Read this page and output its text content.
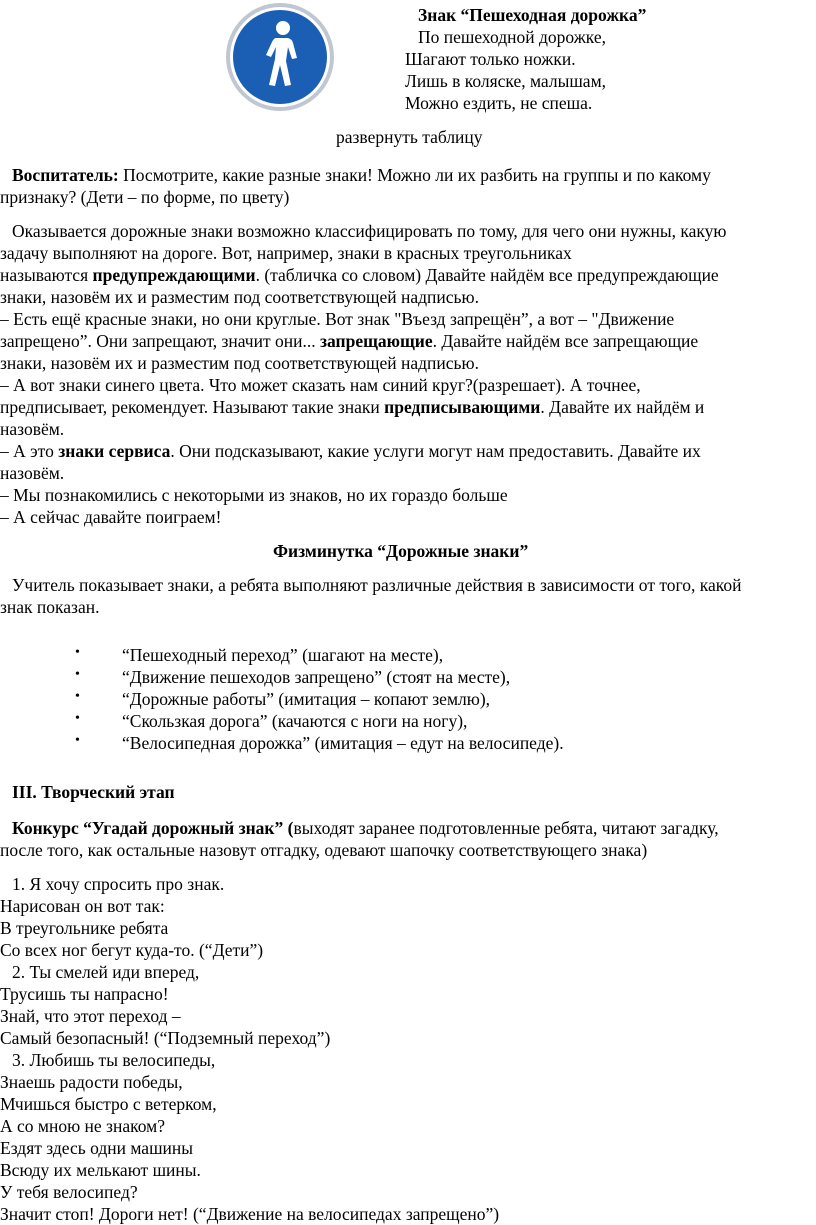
Знак “Пешеходная дорожка”
По пешеходной дорожке,
Шагают только ножки.
Лишь в коляске, малышам,
Можно ездить, не спеша.
развернуть таблицу
Воспитатель: Посмотрите, какие разные знаки! Можно ли их разбить на группы и по какому
признаку? (Дети – по форме, по цвету)
Оказывается дорожные знаки возможно классифицировать по тому, для чего они нужны, какую
задачу выполняют на дороге. Вот, например, знаки в красных треугольниках
называются предупреждающими. (табличка со словом) Давайте найдём все предупреждающие
знаки, назовём их и разместим под соответствующей надписью.
– Есть ещё красные знаки, но они круглые. Вот знак "Въезд запрещён”, а вот – "Движение
запрещено”. Они запрещают, значит они... запрещающие. Давайте найдём все запрещающие
знаки, назовём их и разместим под соответствующей надписью.
– А вот знаки синего цвета. Что может сказать нам синий круг?(разрешает). А точнее,
предписывает, рекомендует. Называют такие знаки предписывающими. Давайте их найдём и
назовём.
– А это знаки сервиса. Они подсказывают, какие услуги могут нам предоставить. Давайте их
назовём.
– Мы познакомились с некоторыми из знаков, но их гораздо больше
– А сейчас давайте поиграем!
Физминутка “Дорожные знаки”
Учитель показывает знаки, а ребята выполняют различные действия в зависимости от того, какой
знак показан.
• “Пешеходный переход” (шагают на месте),
• “Движение пешеходов запрещено” (стоят на месте),
• “Дорожные работы” (имитация – копают землю),
• “Скользкая дорога” (качаются с ноги на ногу),
• “Велосипедная дорожка” (имитация – едут на велосипеде).
III. Творческий этап
Конкурс “Угадай дорожный знак” (выходят заранее подготовленные ребята, читают загадку,
после того, как остальные назовут отгадку, одевают шапочку соответствующего знака)
1. Я хочу спросить про знак.
Нарисован он вот так:
В треугольнике ребята
Со всех ног бегут куда-то. (“Дети”)
2. Ты смелей иди вперед,
Трусишь ты напрасно!
Знай, что этот переход –
Самый безопасный! (“Подземный переход”)
3. Любишь ты велосипеды,
Знаешь радости победы,
Мчишься быстро с ветерком,
А со мною не знаком?
Ездят здесь одни машины
Всюду их мелькают шины.
У тебя велосипед?
Значит стоп! Дороги нет! (“Движение на велосипедах запрещено”)
